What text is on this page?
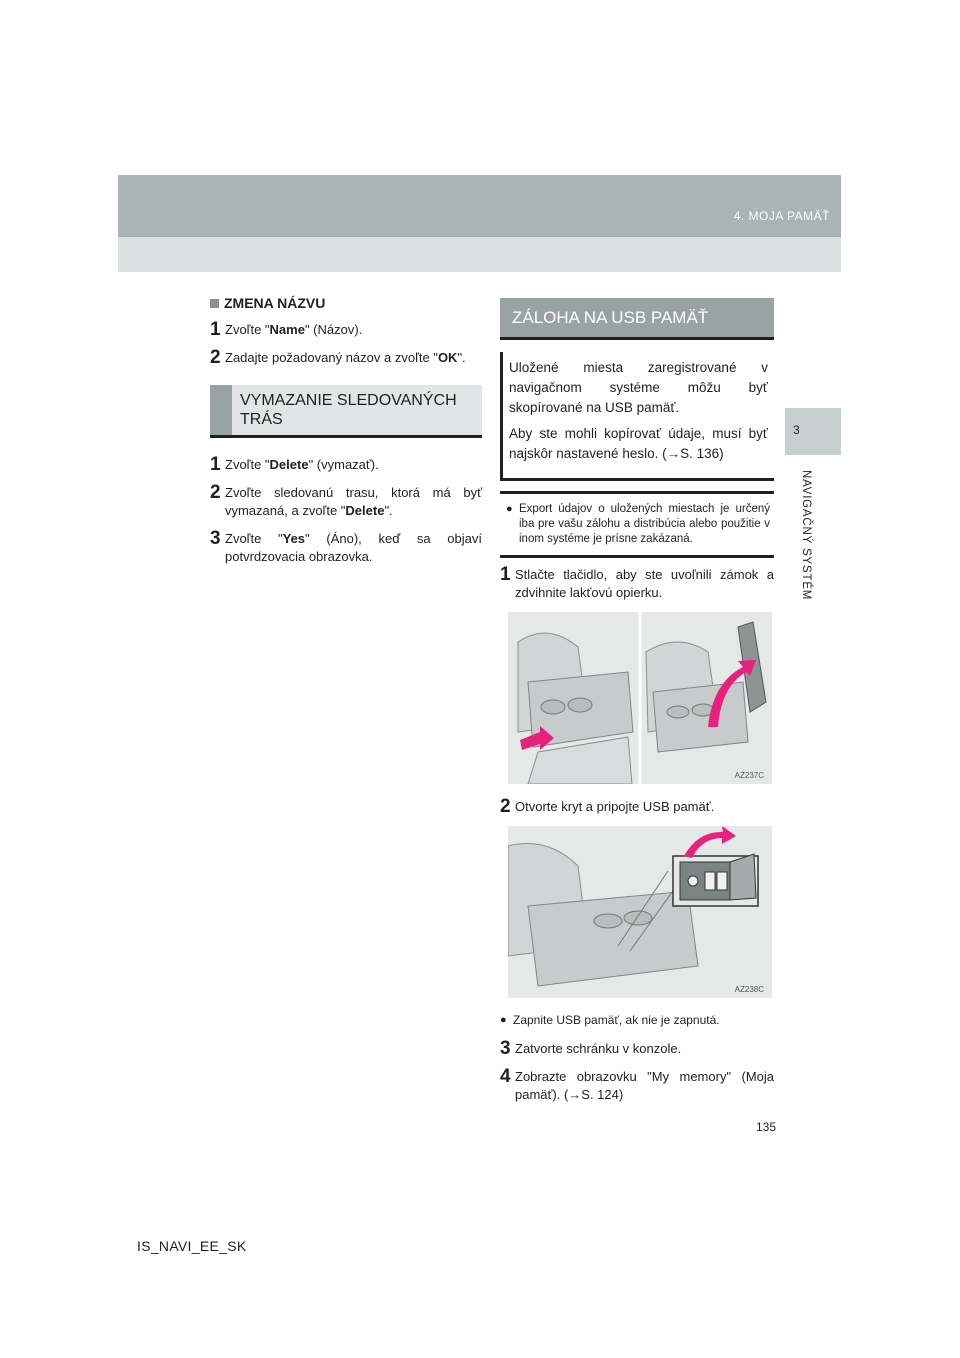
4. MOJA PAMÄŤ
3
NAVIGAČNÝ SYSTÉM
ZMENA NÁZVU
1 Zvoľte "Name" (Názov).
2 Zadajte požadovaný názov a zvoľte "OK".
VYMAZANIE SLEDOVANÝCH TRÁS
1 Zvoľte "Delete" (vymazať).
2 Zvoľte sledovanú trasu, ktorá má byť vymazaná, a zvoľte "Delete".
3 Zvoľte "Yes" (Áno), keď sa objaví potvrdzovacia obrazovka.
ZÁLOHA NA USB PAMÄŤ

Uložené miesta zaregistrované v navigačnom systéme môžu byť skopírované na USB pamäť.

Aby ste mohli kopírovať údaje, musí byť najskôr nastavené heslo. (→S. 136)

● Export údajov o uložených miestach je určený iba pre vašu zálohu a distribúcia alebo použitie v inom systéme je prísne zakázaná.
1 Stlačte tlačidlo, aby ste uvoľnili zámok a zdvihnite lakťovú opierku.
AZ237C
2 Otvorte kryt a pripojte USB pamäť.
AZ238C
● Zapnite USB pamäť, ak nie je zapnutá.
3 Zatvorte schránku v konzole.
4 Zobrazte obrazovku "My memory" (Moja pamäť). (→S. 124)
135
IS_NAVI_EE_SK
